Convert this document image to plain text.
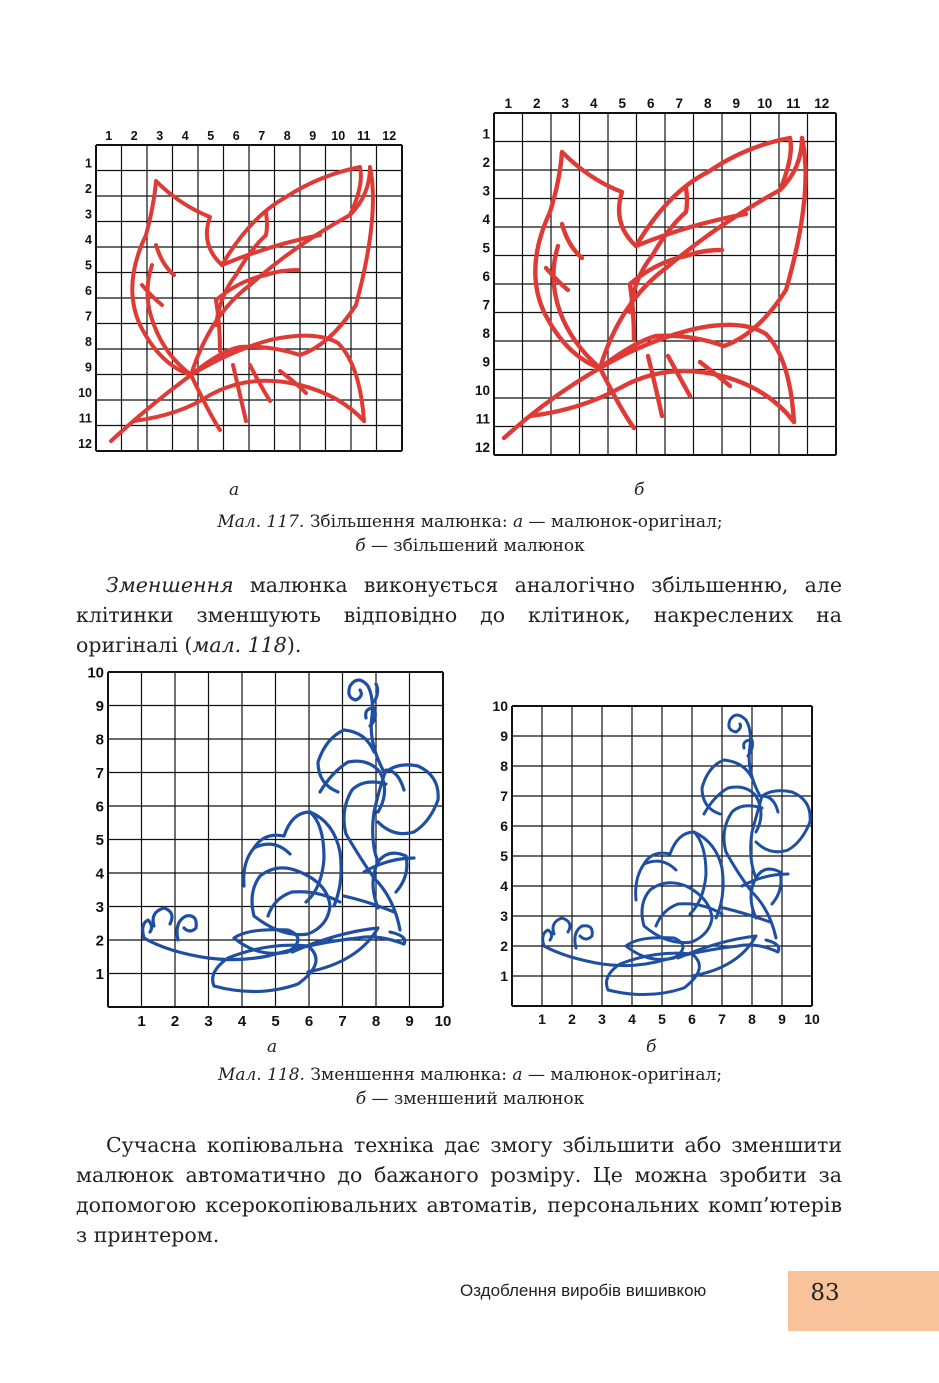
1
1
2
2
3
3
4
4
5
5
6
6
7
7
8
8
9
9
10
10
11
11
12
12
1
1
2
2
3
3
4
4
5
5
6
6
7
7
8
8
9
9
10
10
11
11
12
12
а	б
Мал. 117. Збільшення малюнка: а — малюнок-оригінал;
б — збільшений малюнок
Зменшення малюнка виконується аналогічно збільшенню, але клітинки зменшують відповідно до клітинок, накреслених на оригіналі (мал. 118).
1
1
2
2
3
3
4
4
5
5
6
6
7
7
8
8
9
9
10
10
1
1
2
2
3
3
4
4
5
5
6
6
7
7
8
8
9
9
10
10
а	б
Мал. 118. Зменшення малюнка: а — малюнок-оригінал;
б — зменшений малюнок
Сучасна копіювальна техніка дає змогу збільшити або зменшити малюнок автоматично до бажаного розміру. Це можна зробити за допомогою ксерокопіювальних автоматів, персональних комп’ютерів з принтером.
Оздоблення виробів вишивкою	83
